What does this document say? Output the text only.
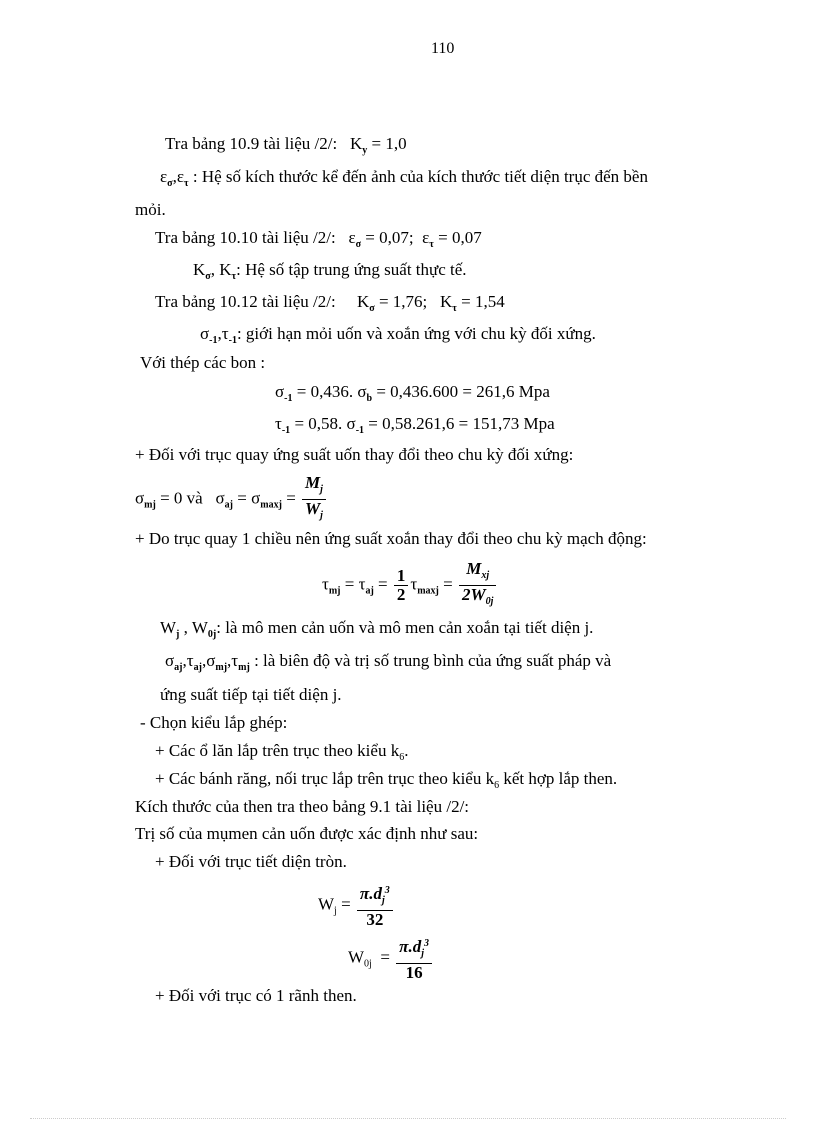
110
Tra bảng 10.9 tài liệu /2/: $K_y = 1,0$
$\varepsilon_\sigma,\varepsilon_\tau$ : Hệ số kích thước kể đến ảnh của kích thước tiết diện trục đến bền
mỏi.
Tra bảng 10.10 tài liệu /2/:   $\varepsilon_\sigma = 0,07$;  $\varepsilon_\tau = 0,07$
$K_\sigma$, $K_\tau$: Hệ số tập trung ứng suất thực tế.
Tra bảng 10.12 tài liệu /2/:     $K_\sigma = 1,76$;   $K_\tau = 1,54$
$\sigma_{-1},\tau_{-1}$: giới hạn mỏi uốn và xoắn ứng với chu kỳ đối xứng.
Với thép các bon :
$\sigma_{-1} = 0,436$. $\sigma_b = 0,436.600 = 261,6$ Mpa
$\tau_{-1} = 0,58$. $\sigma_{-1} = 0,58.261,6 = 151,73$ Mpa
+ Đối với trục quay ứng suất uốn thay đổi theo chu kỳ đối xứng:
$\sigma_{mj} = 0$ và   $\sigma_{aj} = \sigma_{maxj} = \frac{M_j}{W_j}$
+ Do trục quay 1 chiều nên ứng suất xoắn thay đổi theo chu kỳ mạch động:
$\tau_{mj} = \tau_{aj} = \frac{1}{2} \tau_{maxj} = \frac{M_{xj}}{2W_{0j}}$
$W_j$ , $W_{0j}$: là mô men cản uốn và mô men cản xoắn tại tiết diện j.
$\sigma_{aj},\tau_{aj},\sigma_{mj},\tau_{mj}$ : là biên độ và trị số trung bình của ứng suất pháp và
ứng suất tiếp tại tiết diện j.
- Chọn kiểu lắp ghép:
+ Các ổ lăn lắp trên trục theo kiểu $k_6$.
+ Các bánh răng, nối trục lắp trên trục theo kiểu $k_6$ kết hợp lắp then.
Kích thước của then tra theo bảng 9.1 tài liệu /2/:
Trị số của mụmen cản uốn được xác định như sau:
+ Đối với trục tiết diện tròn.
$W_j = \frac{\pi.d_j^3}{32}$
$W_{0j} = \frac{\pi.d_j^3}{16}$
+ Đối với trục có 1 rãnh then.
